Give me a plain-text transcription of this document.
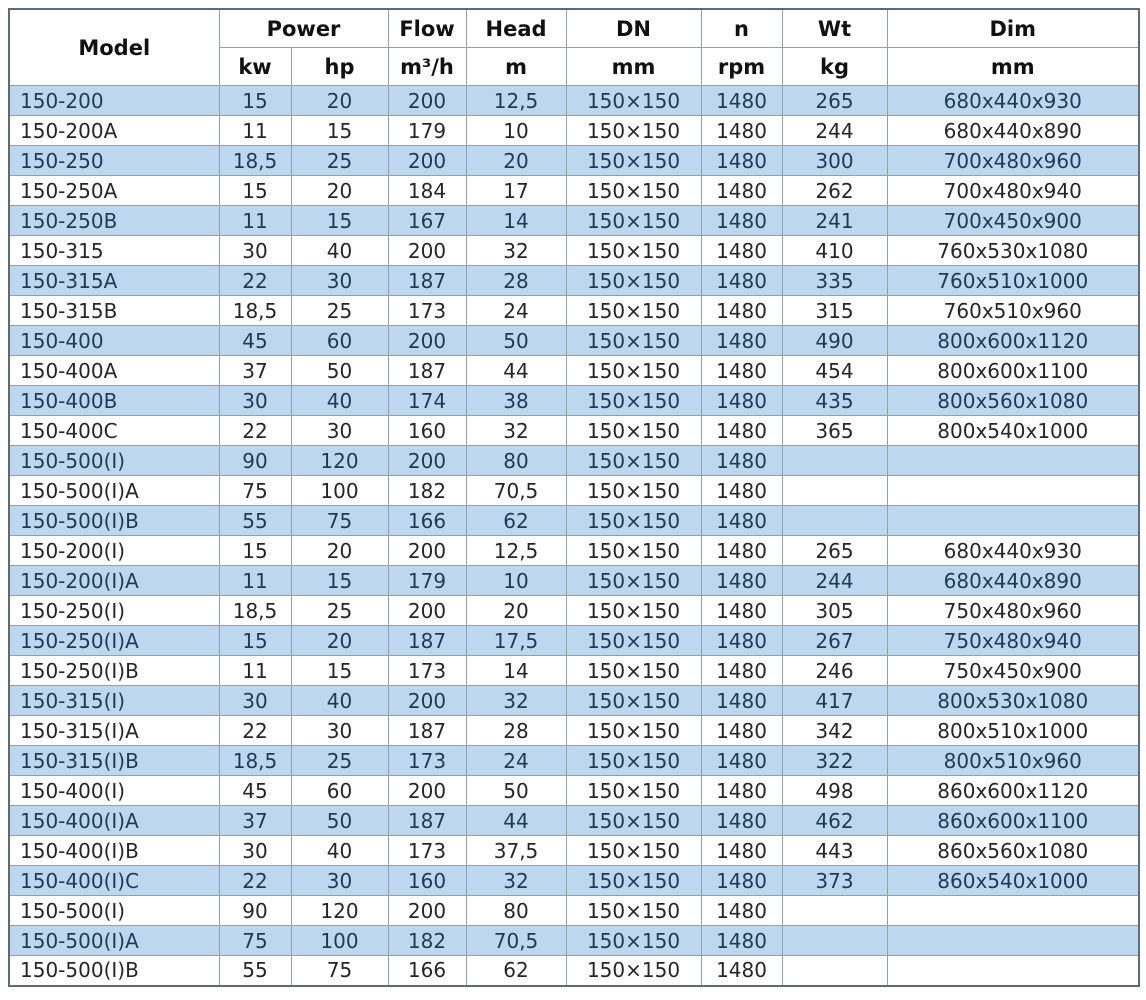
Model	Power		Flow	Head	DN	n	Wt	Dim
	kw	hp	m³/h	m	mm	rpm	kg	mm
150-200	15	20	200	12,5	150×150	1480	265	680x440x930
150-200A	11	15	179	10	150×150	1480	244	680x440x890
150-250	18,5	25	200	20	150×150	1480	300	700x480x960
150-250A	15	20	184	17	150×150	1480	262	700x480x940
150-250B	11	15	167	14	150×150	1480	241	700x450x900
150-315	30	40	200	32	150×150	1480	410	760x530x1080
150-315A	22	30	187	28	150×150	1480	335	760x510x1000
150-315B	18,5	25	173	24	150×150	1480	315	760x510x960
150-400	45	60	200	50	150×150	1480	490	800x600x1120
150-400A	37	50	187	44	150×150	1480	454	800x600x1100
150-400B	30	40	174	38	150×150	1480	435	800x560x1080
150-400C	22	30	160	32	150×150	1480	365	800x540x1000
150-500(I)	90	120	200	80	150×150	1480		
150-500(I)A	75	100	182	70,5	150×150	1480		
150-500(I)B	55	75	166	62	150×150	1480		
150-200(I)	15	20	200	12,5	150×150	1480	265	680x440x930
150-200(I)A	11	15	179	10	150×150	1480	244	680x440x890
150-250(I)	18,5	25	200	20	150×150	1480	305	750x480x960
150-250(I)A	15	20	187	17,5	150×150	1480	267	750x480x940
150-250(I)B	11	15	173	14	150×150	1480	246	750x450x900
150-315(I)	30	40	200	32	150×150	1480	417	800x530x1080
150-315(I)A	22	30	187	28	150×150	1480	342	800x510x1000
150-315(I)B	18,5	25	173	24	150×150	1480	322	800x510x960
150-400(I)	45	60	200	50	150×150	1480	498	860x600x1120
150-400(I)A	37	50	187	44	150×150	1480	462	860x600x1100
150-400(I)B	30	40	173	37,5	150×150	1480	443	860x560x1080
150-400(I)C	22	30	160	32	150×150	1480	373	860x540x1000
150-500(I)	90	120	200	80	150×150	1480		
150-500(I)A	75	100	182	70,5	150×150	1480		
150-500(I)B	55	75	166	62	150×150	1480		
